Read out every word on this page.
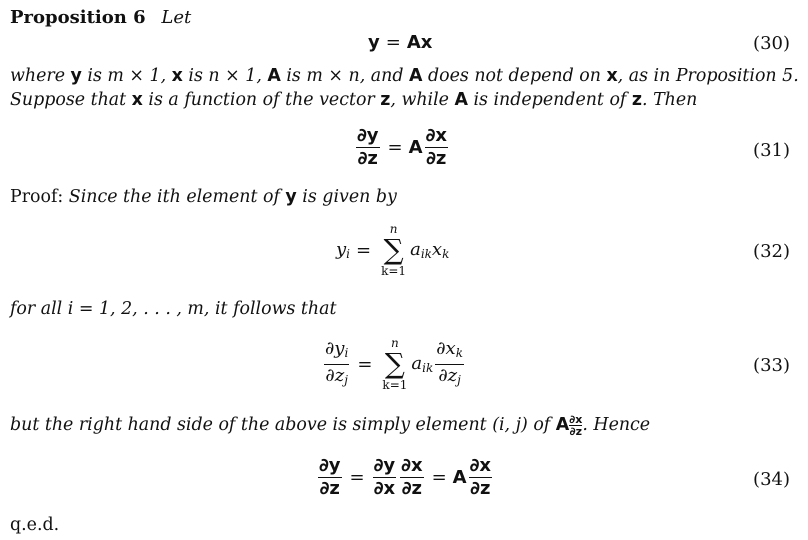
Proposition 6 Let
y = A x	(30)
where y is m × 1, x is n × 1, A is m × n, and A does not depend on x, as in Proposition 5.
Suppose that x is a function of the vector z, while A is independent of z. Then
$\frac{\partial y}{\partial z} = A \frac{\partial x}{\partial z}$	(31)
Proof: Since the ith element of y is given by
$y_i$ =
n
∑
k=1
$a_{ik}x_k$	(32)
for all i = 1, 2, . . . , m, it follows that
$\frac{\partial y_i}{\partial z_j}$ =
n
∑
k=1
$a_{ik} \frac{\partial x_k}{\partial z_j}$	(33)
but the right hand side of the above is simply element (i, j) of A $\frac{\partial x}{\partial z}$ . Hence
$\frac{\partial y}{\partial z} = \frac{\partial y}{\partial x} \frac{\partial x}{\partial z} = A \frac{\partial x}{\partial z}$	(34)
q.e.d.
